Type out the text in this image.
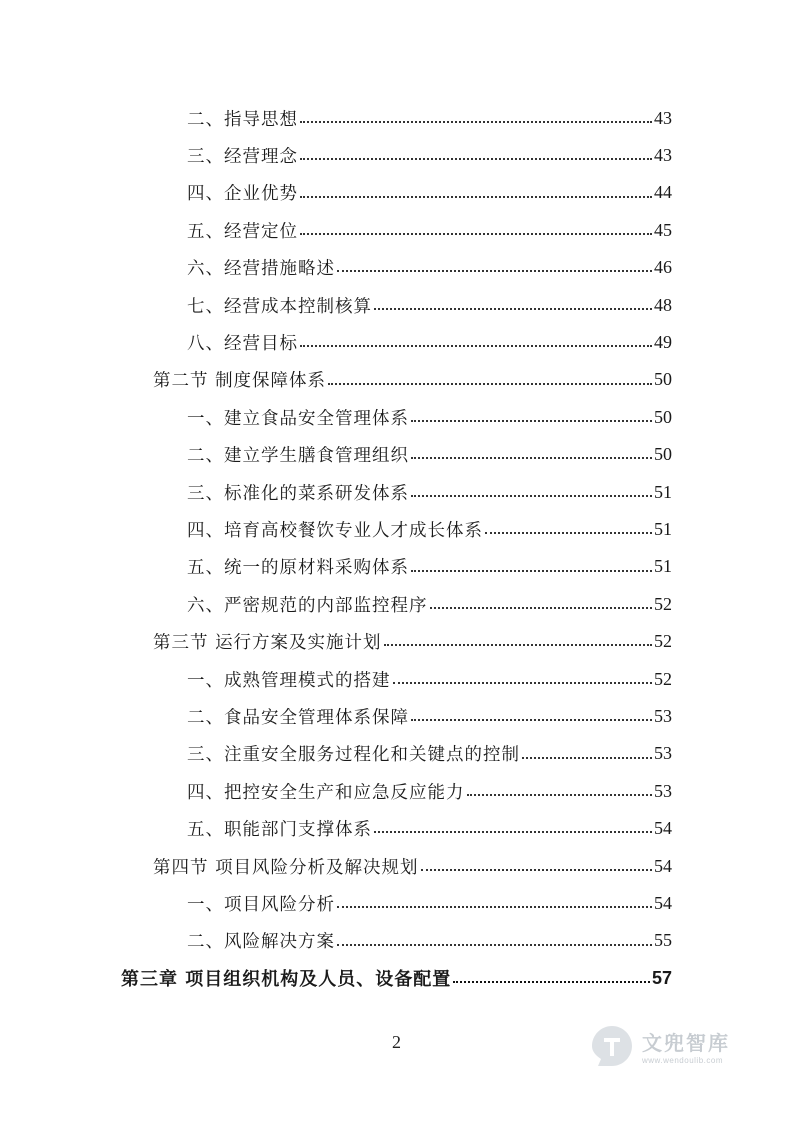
二、指导思想	43
三、经营理念	43
四、企业优势	44
五、经营定位	45
六、经营措施略述	46
七、经营成本控制核算	48
八、经营目标	49
第二节 制度保障体系	50
一、建立食品安全管理体系	50
二、建立学生膳食管理组织	50
三、标准化的菜系研发体系	51
四、培育高校餐饮专业人才成长体系	51
五、统一的原材料采购体系	51
六、严密规范的内部监控程序	52
第三节 运行方案及实施计划	52
一、成熟管理模式的搭建	52
二、食品安全管理体系保障	53
三、注重安全服务过程化和关键点的控制	53
四、把控安全生产和应急反应能力	53
五、职能部门支撑体系	54
第四节 项目风险分析及解决规划	54
一、项目风险分析	54
二、风险解决方案	55
第三章 项目组织机构及人员、设备配置	57
2	文兜智库
www.wendoulib.com
